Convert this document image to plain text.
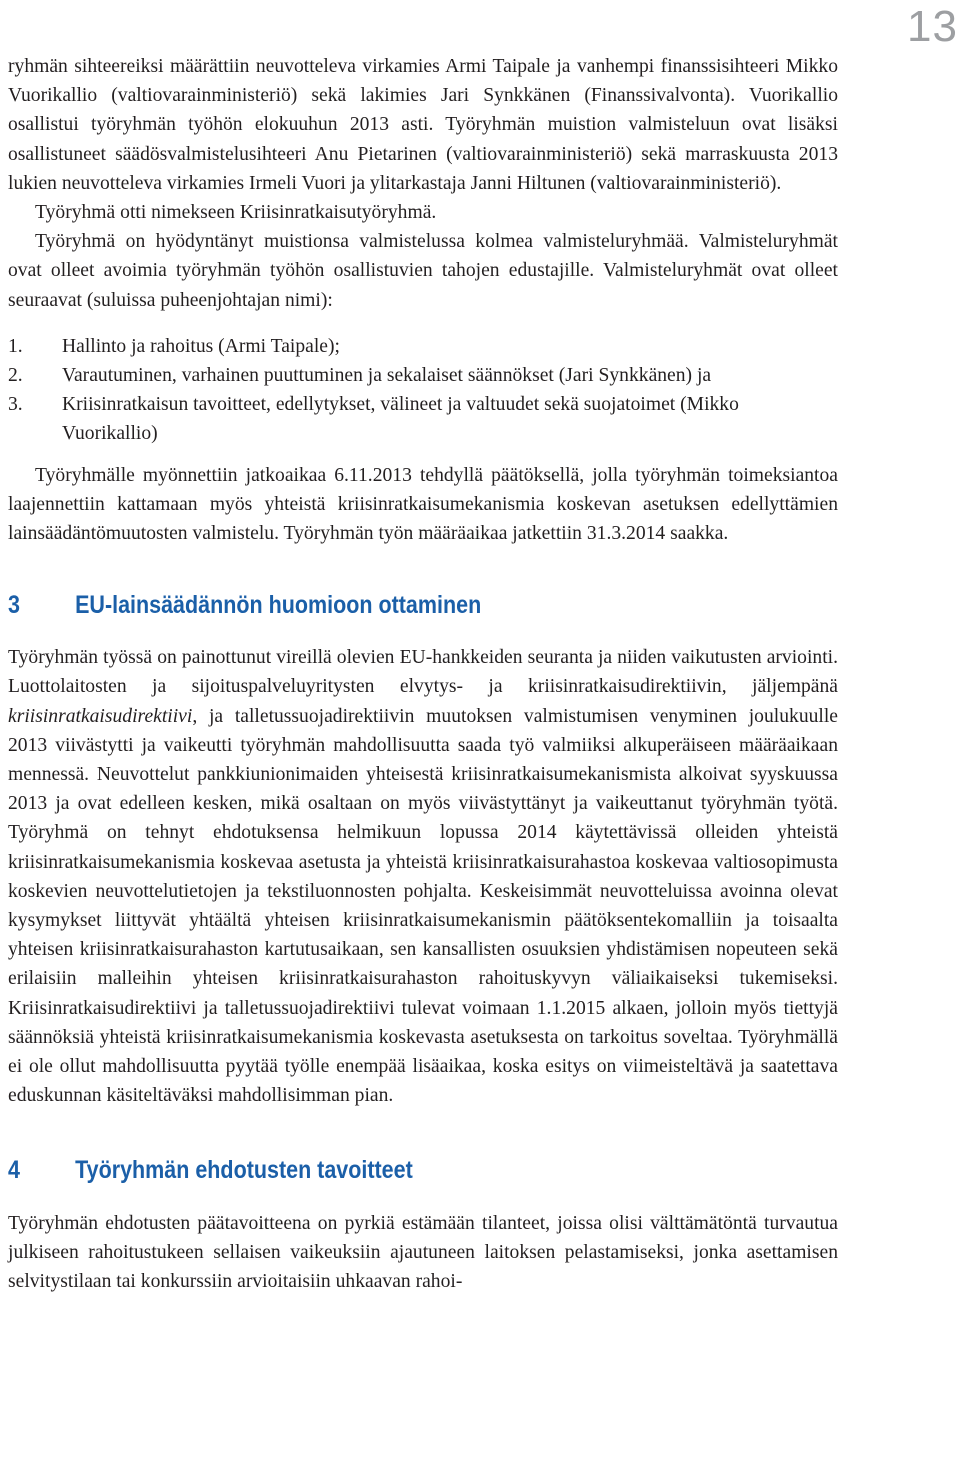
13

ryhmän sihteereiksi määrättiin neuvotteleva virkamies Armi Taipale ja vanhempi finanssisihteeri Mikko Vuorikallio (valtiovarainministeriö) sekä lakimies Jari Synkkänen (Finanssivalvonta). Vuorikallio osallistui työryhmän työhön elokuuhun 2013 asti. Työryhmän muistion valmisteluun ovat lisäksi osallistuneet säädösvalmistelusihteeri Anu Pietarinen (valtiovarainministeriö) sekä marraskuusta 2013 lukien neuvotteleva virkamies Irmeli Vuori ja ylitarkastaja Janni Hiltunen (valtiovarainministeriö).

Työryhmä otti nimekseen Kriisinratkaisutyöryhmä.

Työryhmä on hyödyntänyt muistionsa valmistelussa kolmea valmisteluryhmää. Valmisteluryhmät ovat olleet avoimia työryhmän työhön osallistuvien tahojen edustajille. Valmisteluryhmät ovat olleet seuraavat (suluissa puheenjohtajan nimi):

1.	Hallinto ja rahoitus (Armi Taipale);
2.	Varautuminen, varhainen puuttuminen ja sekalaiset säännökset (Jari Synkkänen) ja
3.	Kriisinratkaisun tavoitteet, edellytykset, välineet ja valtuudet sekä suojatoimet (Mikko Vuorikallio)

Työryhmälle myönnettiin jatkoaikaa 6.11.2013 tehdyllä päätöksellä, jolla työryhmän toimeksiantoa laajennettiin kattamaan myös yhteistä kriisinratkaisumekanismia koskevan asetuksen edellyttämien lainsäädäntömuutosten valmistelu. Työryhmän työn määräaikaa jatkettiin 31.3.2014 saakka.

3	EU-lainsäädännön huomioon ottaminen

Työryhmän työssä on painottunut vireillä olevien EU-hankkeiden seuranta ja niiden vaikutusten arviointi. Luottolaitosten ja sijoituspalveluyritysten elvytys- ja kriisinratkaisudirektiivin, jäljempänä kriisinratkaisudirektiivi, ja talletussuojadirektiivin muutoksen valmistumisen venyminen joulukuulle 2013 viivästytti ja vaikeutti työryhmän mahdollisuutta saada työ valmiiksi alkuperäiseen määräaikaan mennessä. Neuvottelut pankkiunionimaiden yhteisestä kriisinratkaisumekanismista alkoivat syyskuussa 2013 ja ovat edelleen kesken, mikä osaltaan on myös viivästyttänyt ja vaikeuttanut työryhmän työtä. Työryhmä on tehnyt ehdotuksensa helmikuun lopussa 2014 käytettävissä olleiden yhteistä kriisinratkaisumekanismia koskevaa asetusta ja yhteistä kriisinratkaisurahastoa koskevaa valtiosopimusta koskevien neuvottelutietojen ja tekstiluonnosten pohjalta. Keskeisimmät neuvotteluissa avoinna olevat kysymykset liittyvät yhtäältä yhteisen kriisinratkaisumekanismin päätöksentekomalliin ja toisaalta yhteisen kriisinratkaisurahaston kartutusaikaan, sen kansallisten osuuksien yhdistämisen nopeuteen sekä erilaisiin malleihin yhteisen kriisinratkaisurahaston rahoituskyvyn väliaikaiseksi tukemiseksi. Kriisinratkaisudirektiivi ja talletussuojadirektiivi tulevat voimaan 1.1.2015 alkaen, jolloin myös tiettyjä säännöksiä yhteistä kriisinratkaisumekanismia koskevasta asetuksesta on tarkoitus soveltaa. Työryhmällä ei ole ollut mahdollisuutta pyytää työlle enempää lisäaikaa, koska esitys on viimeisteltävä ja saatettava eduskunnan käsiteltäväksi mahdollisimman pian.

4	Työryhmän ehdotusten tavoitteet

Työryhmän ehdotusten päätavoitteena on pyrkiä estämään tilanteet, joissa olisi välttämätöntä turvautua julkiseen rahoitustukeen sellaisen vaikeuksiin ajautuneen laitoksen pelastamiseksi, jonka asettamisen selvitystilaan tai konkurssiin arvioitaisiin uhkaavan rahoi-
